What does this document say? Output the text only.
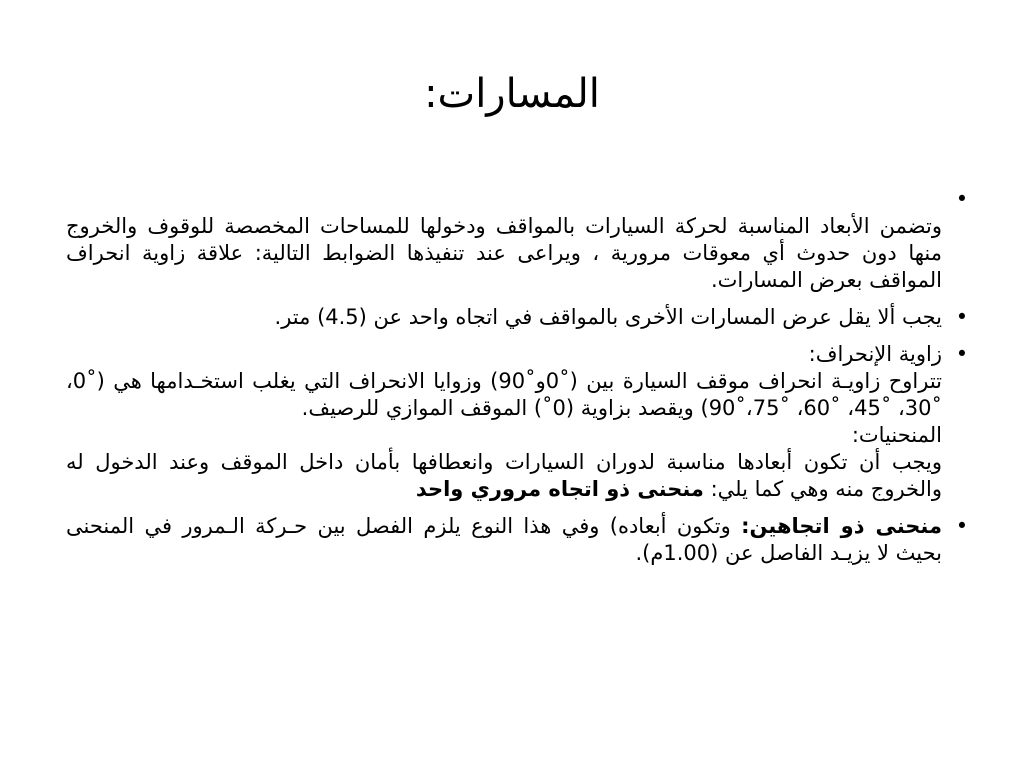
المسارات:
•
وتضمن الأبعاد المناسبة لحركة السيارات بالمواقف ودخولها للمساحات المخصصة للوقوف والخروج منها دون حدوث أي معوقات مرورية ، ويراعى عند تنفيذها الضوابط التالية: علاقة زاوية انحراف المواقف بعرض المسارات.
•
يجب ألا يقل عرض المسارات الأخرى بالمواقف في اتجاه واحد عن (4.5) متر.
•
زاوية الإنحراف:
تتراوح زاويـة انحراف موقف السيارة بين (˚0و˚90) وزوايا الانحراف التي يغلب استخـدامها هي (˚0، ˚30، ˚45، ˚60، ˚75،˚90) ويقصد بزاوية (0˚) الموقف الموازي للرصيف.
المنحنيات:
ويجب أن تكون أبعادها مناسبة لدوران السيارات وانعطافها بأمان داخل الموقف وعند الدخول له والخروج منه وهي كما يلي: منحنى ذو اتجاه مروري واحد
•
منحنى ذو اتجاهين: وتكون أبعاده) وفي هذا النوع يلزم الفصل بين حـركة الـمرور في المنحنى بحيث لا يزيـد الفاصل عن (1.00م).
